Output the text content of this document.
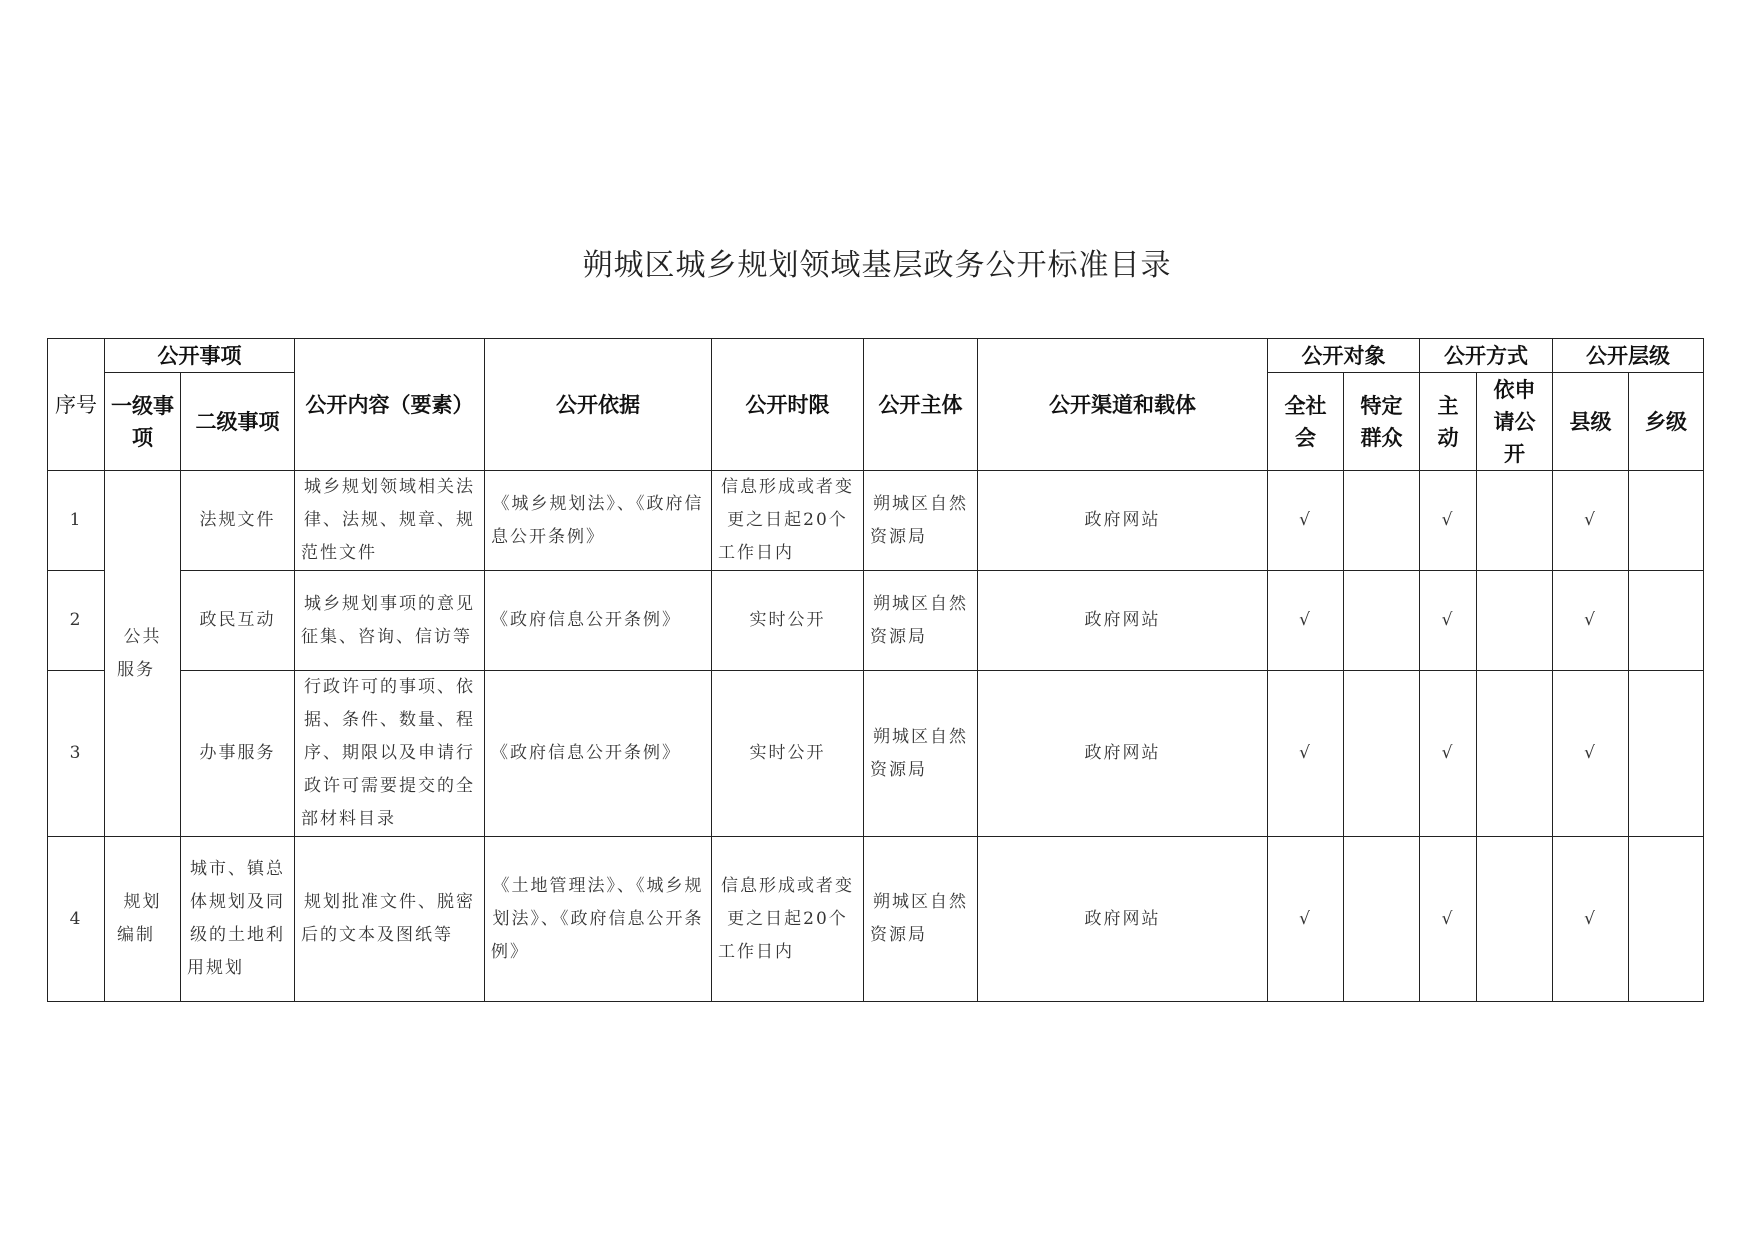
朔城区城乡规划领域基层政务公开标准目录
序号	公开事项		公开内容（要素）	公开依据	公开时限	公开主体	公开渠道和载体	公开对象		公开方式		公开层级	
	一级事项	二级事项						全社会	特定群众	主动	依申请公开	县级	乡级
1	公共服务	法规文件	城乡规划领域相关法律、法规、规章、规范性文件	《城乡规划法》、《政府信息公开条例》	信息形成或者变更之日起20个工作日内	朔城区自然资源局	政府网站	√		√		√	
2		政民互动	城乡规划事项的意见征集、咨询、信访等	《政府信息公开条例》	实时公开	朔城区自然资源局	政府网站	√		√		√	
3		办事服务	行政许可的事项、依据、条件、数量、程序、期限以及申请行政许可需要提交的全部材料目录	《政府信息公开条例》	实时公开	朔城区自然资源局	政府网站	√		√		√	
4	规划编制	城市、镇总体规划及同级的土地利用规划	规划批准文件、脱密后的文本及图纸等	《土地管理法》、《城乡规划法》、《政府信息公开条例》	信息形成或者变更之日起20个工作日内	朔城区自然资源局	政府网站	√		√		√	
